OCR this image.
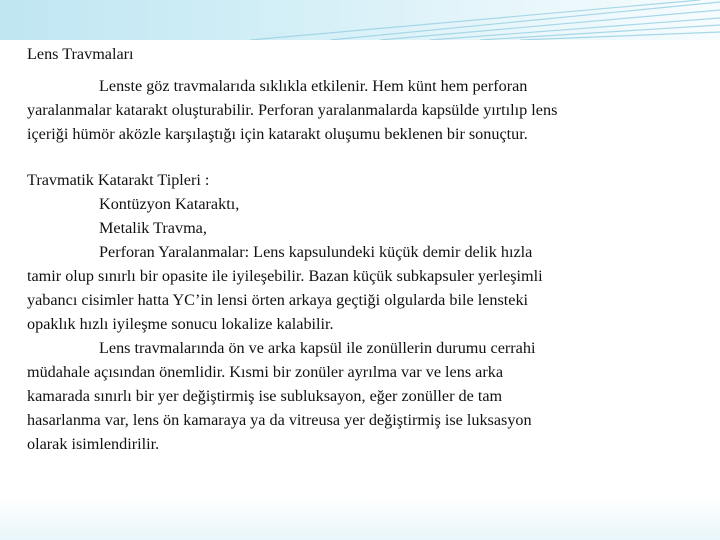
Lens Travmaları
Lenste göz travmalarıda sıklıkla etkilenir. Hem künt hem perforan
yaralanmalar katarakt oluşturabilir. Perforan yaralanmalarda kapsülde yırtılıp lens
içeriği hümör aközle karşılaştığı için katarakt oluşumu beklenen bir sonuçtur.
Travmatik Katarakt Tipleri :
Kontüzyon Kataraktı,
Metalik Travma,
Perforan Yaralanmalar: Lens kapsulundeki küçük demir delik hızla
tamir olup sınırlı bir opasite ile iyileşebilir. Bazan küçük subkapsuler yerleşimli
yabancı cisimler hatta YC’in lensi örten arkaya geçtiği olgularda bile lensteki
opaklık hızlı iyileşme sonucu lokalize kalabilir.
Lens travmalarında ön ve arka kapsül ile zonüllerin durumu cerrahi
müdahale açısından önemlidir. Kısmi bir zonüler ayrılma var ve lens arka
kamarada sınırlı bir yer değiştirmiş ise subluksayon, eğer zonüller de tam
hasarlanma var, lens ön kamaraya ya da vitreusa yer değiştirmiş ise luksasyon
olarak isimlendirilir.
